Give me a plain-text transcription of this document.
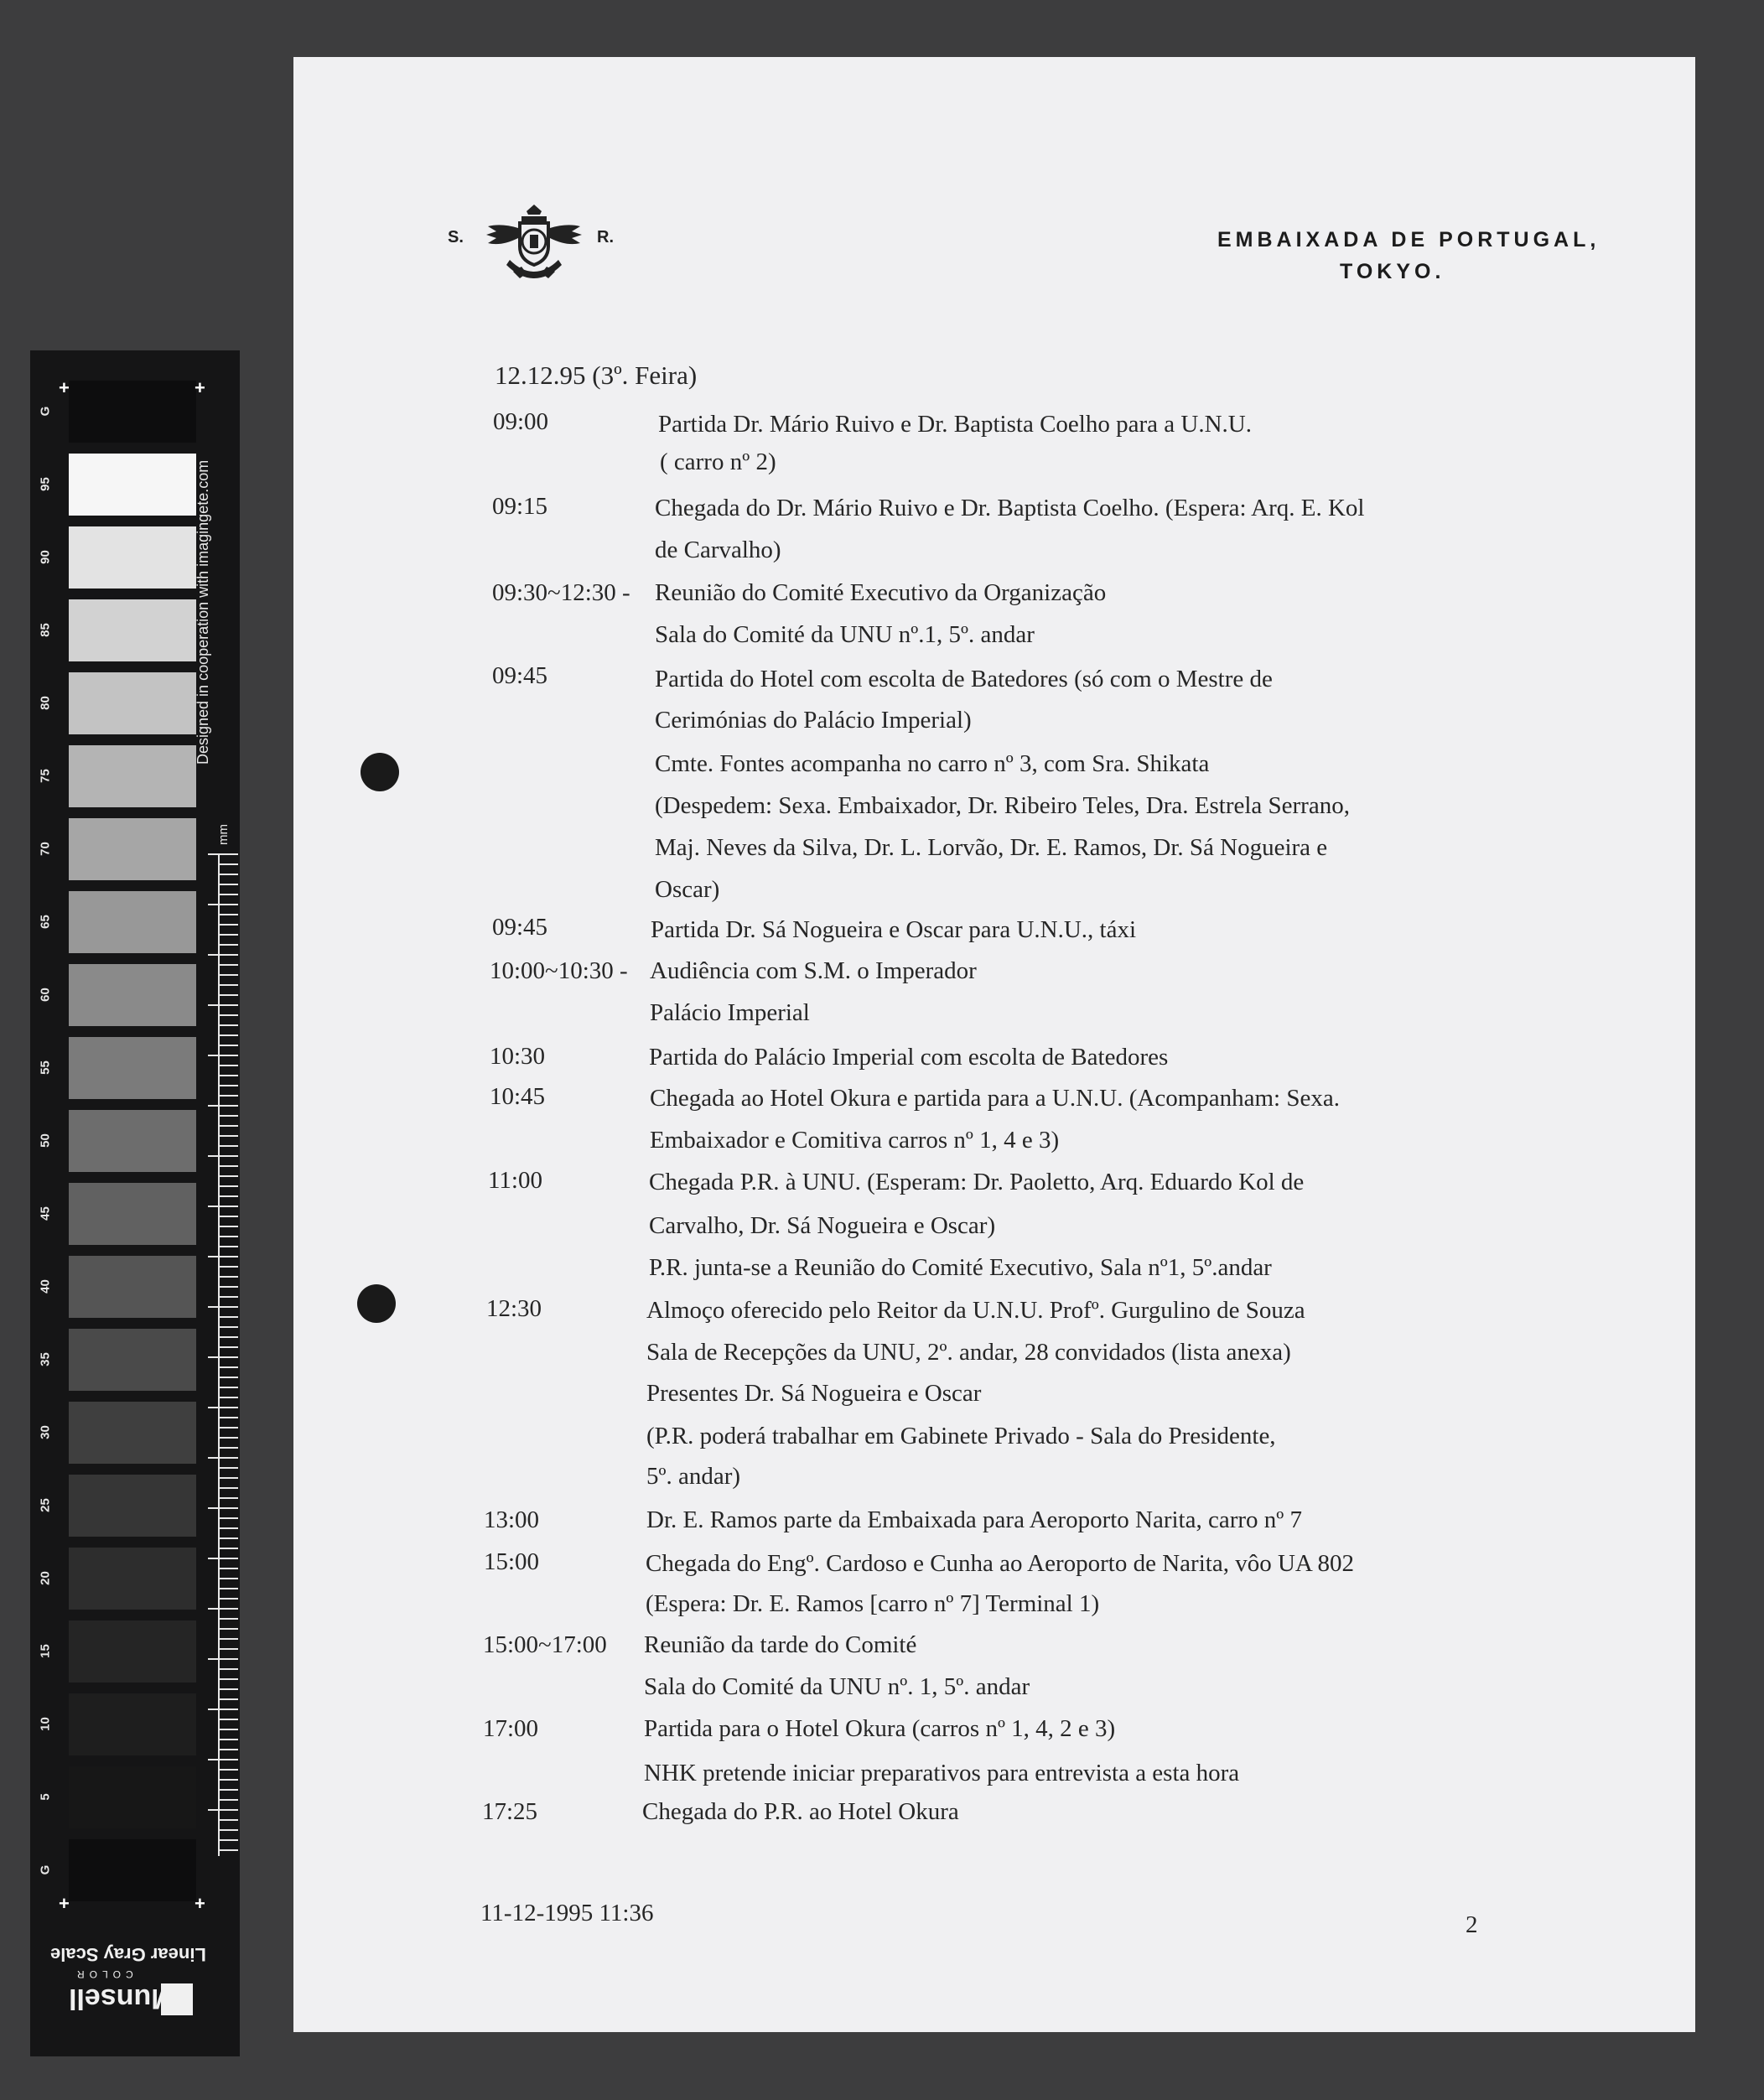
G
95
90
85
80
75
70
65
60
55
50
45
40
35
30
25
20
15
10
5
G
+	+
+	+
Designed in cooperation with imagingete.com
mm
Linear Gray Scale
Munsell
COLOR
S.	R.	EMBAIXADA DE PORTUGAL,
TOKYO.
12.12.95 (3º. Feira)
09:00	Partida Dr. Mário Ruivo e Dr. Baptista Coelho para a U.N.U.
( carro nº 2)
09:15	Chegada do Dr. Mário Ruivo e Dr. Baptista Coelho. (Espera: Arq. E. Kol
de Carvalho)
09:30~12:30 - Reunião do Comité Executivo da Organização
Sala do Comité da UNU nº.1, 5º. andar
09:45	Partida do Hotel com escolta de Batedores (só com o Mestre de
Cerimónias do Palácio Imperial)
Cmte. Fontes acompanha no carro nº 3, com Sra. Shikata
(Despedem: Sexa. Embaixador, Dr. Ribeiro Teles, Dra. Estrela Serrano,
Maj. Neves da Silva, Dr. L. Lorvão, Dr. E. Ramos, Dr. Sá Nogueira e
Oscar)
09:45	Partida Dr. Sá Nogueira e Oscar para U.N.U., táxi
10:00~10:30 - Audiência com S.M. o Imperador
Palácio Imperial
10:30	Partida do Palácio Imperial com escolta de Batedores
10:45	Chegada ao Hotel Okura e partida para a U.N.U. (Acompanham: Sexa.
Embaixador e Comitiva carros nº 1, 4 e 3)
11:00	Chegada P.R. à UNU. (Esperam: Dr. Paoletto, Arq. Eduardo Kol de
Carvalho, Dr. Sá Nogueira e Oscar)
P.R. junta-se a Reunião do Comité Executivo, Sala nº1, 5º.andar
12:30	Almoço oferecido pelo Reitor da U.N.U. Profº. Gurgulino de Souza
Sala de Recepções da UNU, 2º. andar, 28 convidados (lista anexa)
Presentes Dr. Sá Nogueira e Oscar
(P.R. poderá trabalhar em Gabinete Privado - Sala do Presidente,
5º. andar)
13:00	Dr. E. Ramos parte da Embaixada para Aeroporto Narita, carro nº 7
15:00	Chegada do Engº. Cardoso e Cunha ao Aeroporto de Narita, vôo UA 802
(Espera: Dr. E. Ramos [carro nº 7] Terminal 1)
15:00~17:00 Reunião da tarde do Comité
Sala do Comité da UNU nº. 1, 5º. andar
17:00	Partida para o Hotel Okura (carros nº 1, 4, 2 e 3)
NHK pretende iniciar preparativos para entrevista a esta hora
17:25	Chegada do P.R. ao Hotel Okura
11-12-1995 11:36	2
